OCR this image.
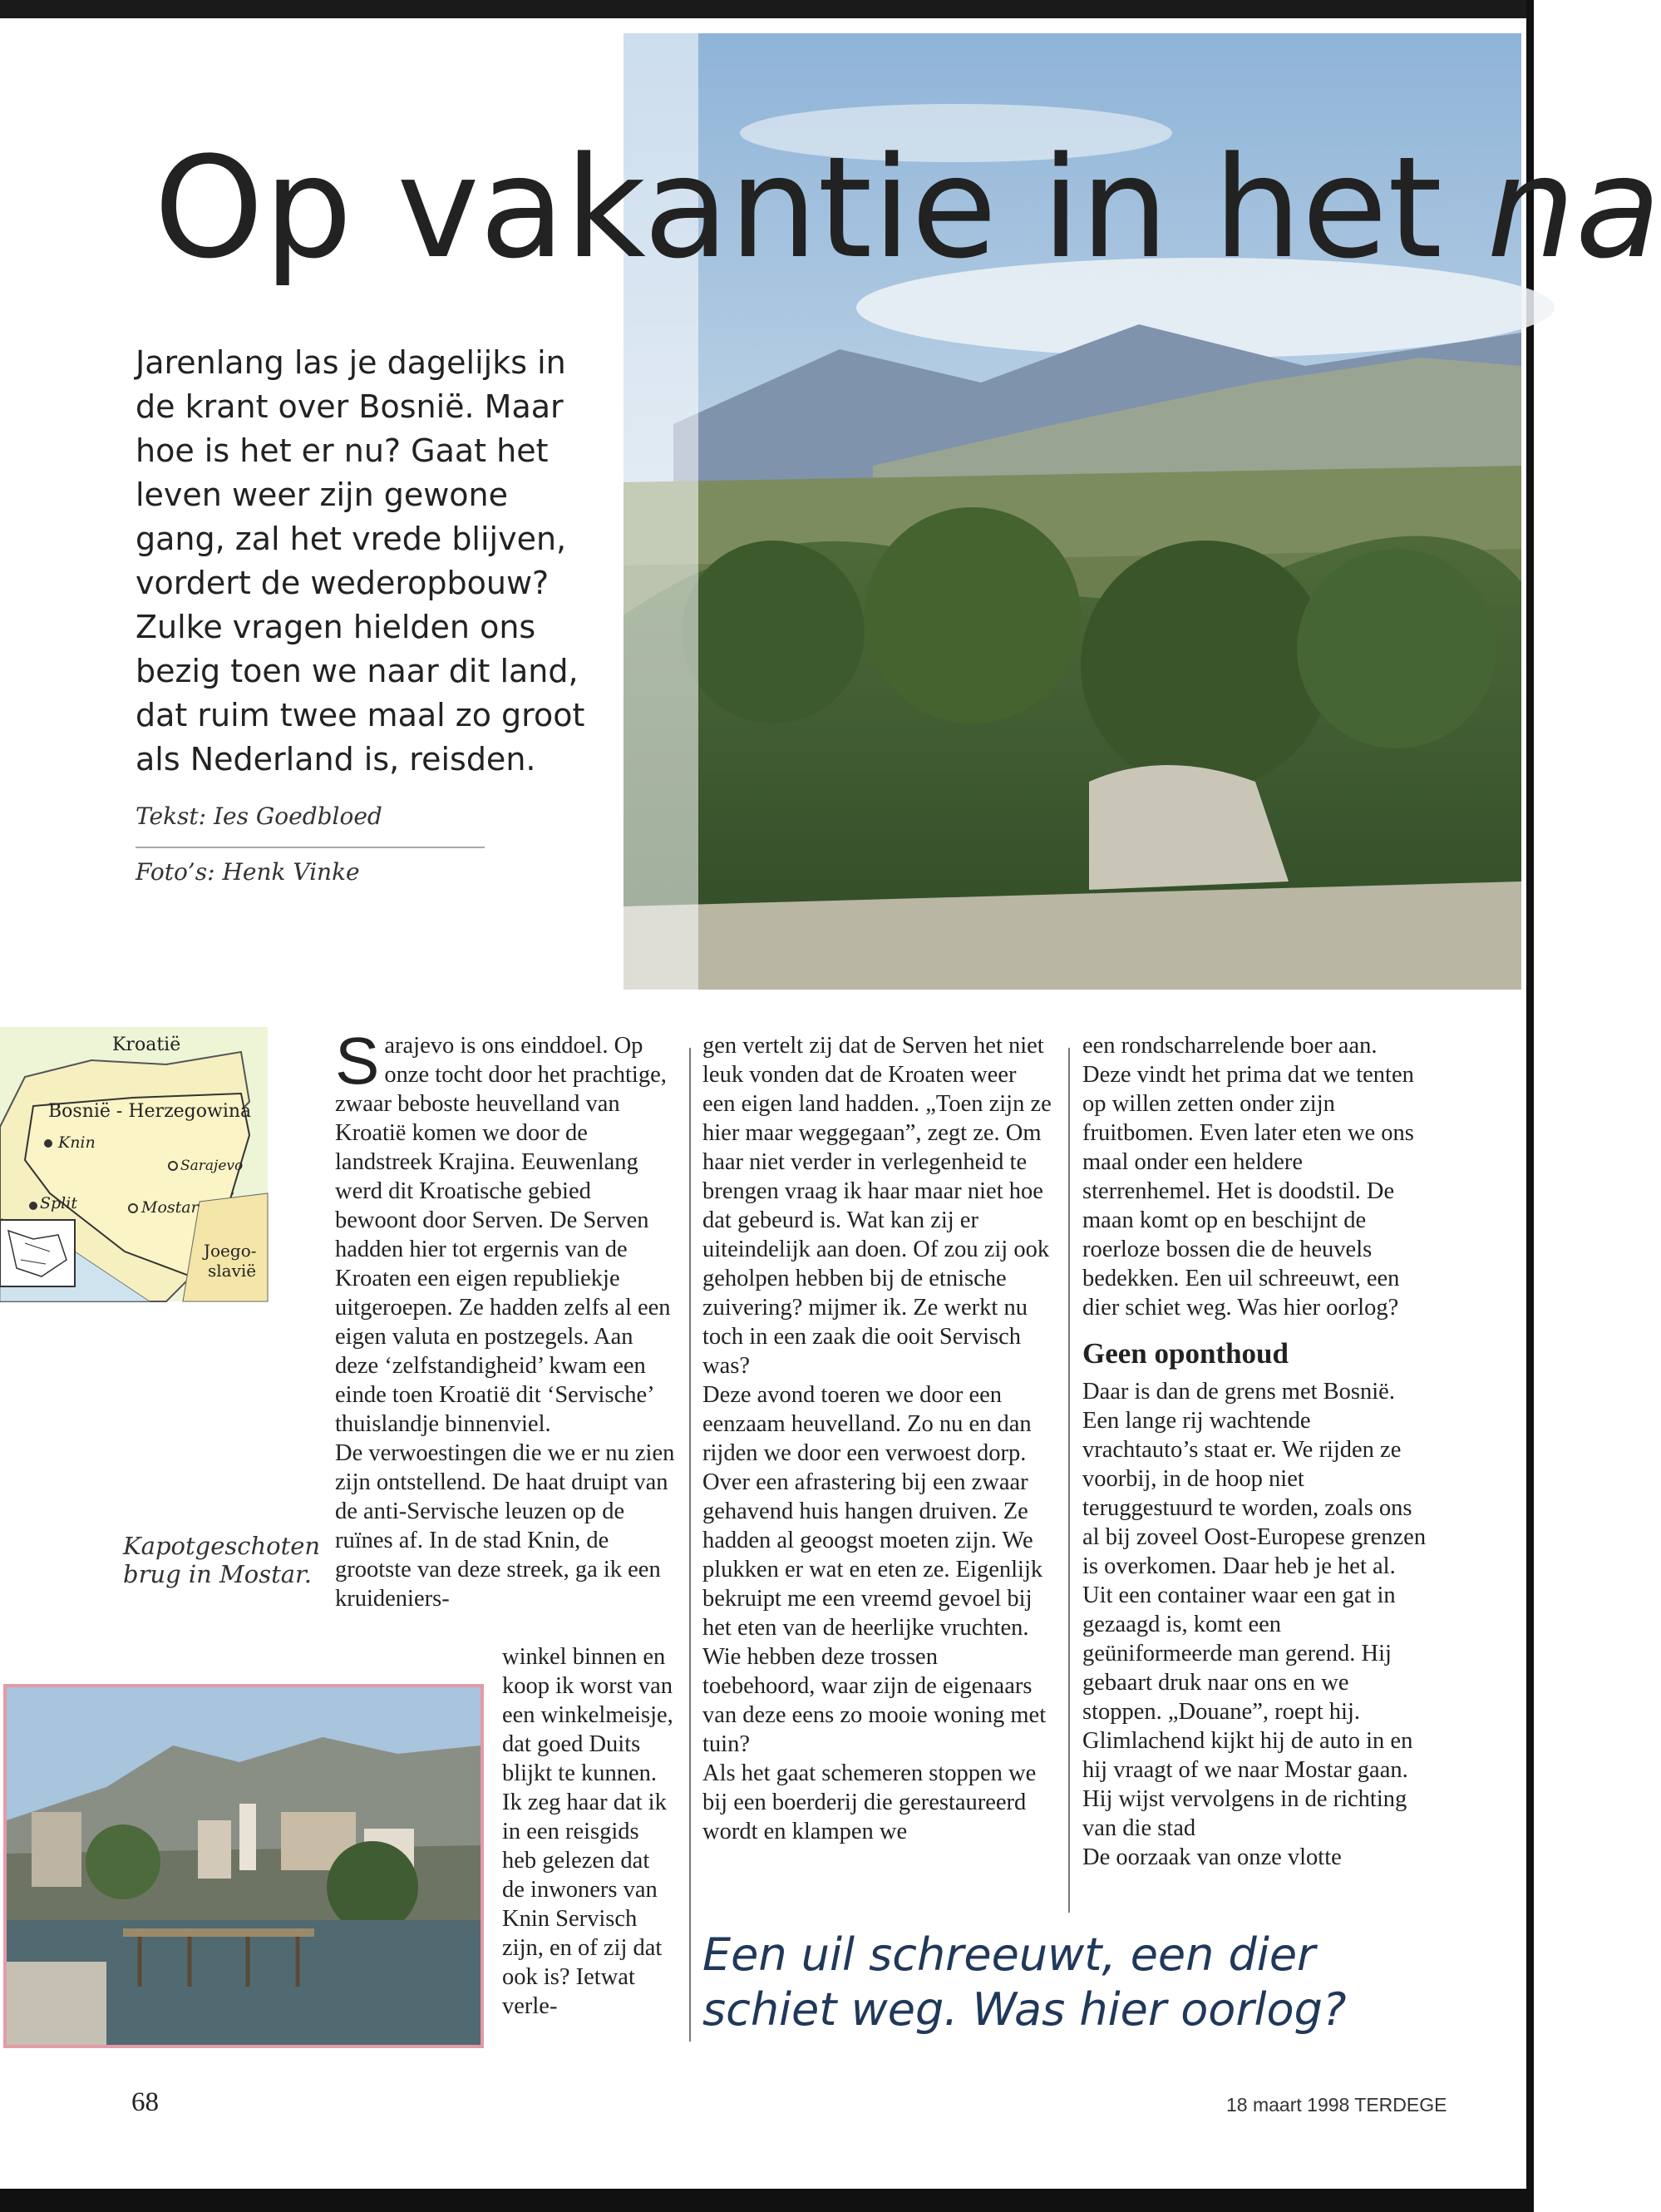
Op vakantie in het na

Jarenlang las je dagelijks in de krant over Bosnië. Maar hoe is het er nu? Gaat het leven weer zijn gewone gang, zal het vrede blijven, vordert de wederopbouw? Zulke vragen hielden ons bezig toen we naar dit land, dat ruim twee maal zo groot als Nederland is, reisden.

Tekst: Ies Goedbloed
Foto’s: Henk Vinke
Kroatië
Bosnië - Herzegowina
Knin
Split
Sarajevo
Mostar
Joego-
slavië
Kapotgeschoten brug in Mostar.

Sarajevo is ons einddoel. Op onze tocht door het prachtige, zwaar beboste heuvelland van Kroatië komen we door de landstreek Krajina. Eeuwenlang werd dit Kroatische gebied bewoont door Serven. De Serven hadden hier tot ergernis van de Kroaten een eigen republiekje uitgeroepen. Ze hadden zelfs al een eigen valuta en postzegels. Aan deze ‘zelfstandigheid’ kwam een einde toen Kroatië dit ‘Servische’ thuislandje binnenviel.

De verwoestingen die we er nu zien zijn ontstellend. De haat druipt van de anti-Servische leuzen op de ruïnes af. In de stad Knin, de grootste van deze streek, ga ik een kruideniers-

winkel binnen en koop ik worst van een winkelmeisje, dat goed Duits blijkt te kunnen. Ik zeg haar dat ik in een reisgids heb gelezen dat de inwoners van Knin Servisch zijn, en of zij dat ook is? Ietwat verle-

gen vertelt zij dat de Serven het niet leuk vonden dat de Kroaten weer een eigen land hadden. „Toen zijn ze hier maar weggegaan”, zegt ze. Om haar niet verder in verlegenheid te brengen vraag ik haar maar niet hoe dat gebeurd is. Wat kan zij er uiteindelijk aan doen. Of zou zij ook geholpen hebben bij de etnische zuivering? mijmer ik. Ze werkt nu toch in een zaak die ooit Servisch was?

Deze avond toeren we door een eenzaam heuvelland. Zo nu en dan rijden we door een verwoest dorp. Over een afrastering bij een zwaar gehavend huis hangen druiven. Ze hadden al geoogst moeten zijn. We plukken er wat en eten ze. Eigenlijk bekruipt me een vreemd gevoel bij het eten van de heerlijke vruchten. Wie hebben deze trossen toebehoord, waar zijn de eigenaars van deze eens zo mooie woning met tuin?

Als het gaat schemeren stoppen we bij een boerderij die gerestaureerd wordt en klampen we

een rondscharrelende boer aan. Deze vindt het prima dat we tenten op willen zetten onder zijn fruitbomen. Even later eten we ons maal onder een heldere sterrenhemel. Het is doodstil. De maan komt op en beschijnt de roerloze bossen die de heuvels bedekken. Een uil schreeuwt, een dier schiet weg. Was hier oorlog?

Geen oponthoud

Daar is dan de grens met Bosnië. Een lange rij wachtende vrachtauto’s staat er. We rijden ze voorbij, in de hoop niet teruggestuurd te worden, zoals ons al bij zoveel Oost-Europese grenzen is overkomen. Daar heb je het al. Uit een container waar een gat in gezaagd is, komt een geüniformeerde man gerend. Hij gebaart druk naar ons en we stoppen. „Douane”, roept hij. Glimlachend kijkt hij de auto in en hij vraagt of we naar Mostar gaan. Hij wijst vervolgens in de richting van die stad

De oorzaak van onze vlotte

Een uil schreeuwt, een dier schiet weg. Was hier oorlog?
68	18 maart 1998 TERDEGE
